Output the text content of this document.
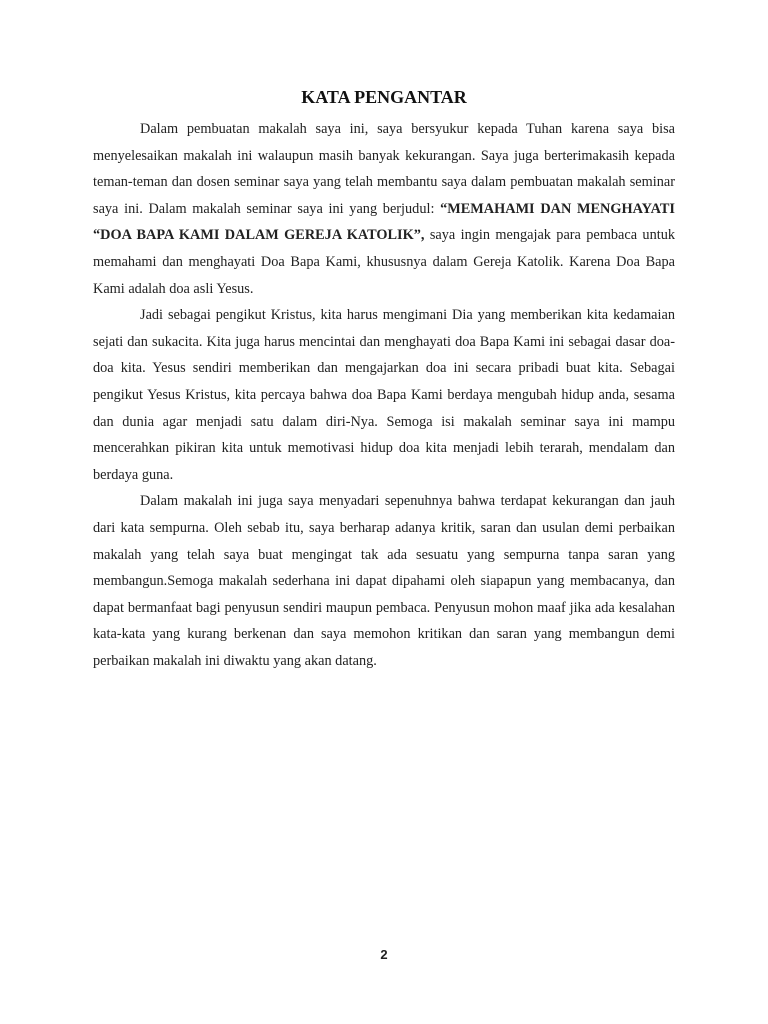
KATA PENGANTAR

Dalam pembuatan makalah saya ini, saya bersyukur kepada Tuhan karena saya bisa menyelesaikan makalah ini walaupun masih banyak kekurangan. Saya juga berterimakasih kepada teman-teman dan dosen seminar saya yang telah membantu saya dalam pembuatan makalah seminar saya ini. Dalam makalah seminar saya ini yang berjudul: “MEMAHAMI DAN MENGHAYATI “DOA BAPA KAMI DALAM GEREJA KATOLIK”, saya ingin mengajak para pembaca untuk memahami dan menghayati Doa Bapa Kami, khususnya dalam Gereja Katolik. Karena Doa Bapa Kami adalah doa asli Yesus.

Jadi sebagai pengikut Kristus, kita harus mengimani Dia yang memberikan kita kedamaian sejati dan sukacita. Kita juga harus mencintai dan menghayati doa Bapa Kami ini sebagai dasar doa-doa kita. Yesus sendiri memberikan dan mengajarkan doa ini secara pribadi buat kita. Sebagai pengikut Yesus Kristus, kita percaya bahwa doa Bapa Kami berdaya mengubah hidup anda, sesama dan dunia agar menjadi satu dalam diri-Nya. Semoga isi makalah seminar saya ini mampu mencerahkan pikiran kita untuk memotivasi hidup doa kita menjadi lebih terarah, mendalam dan berdaya guna.

Dalam makalah ini juga saya menyadari sepenuhnya bahwa terdapat kekurangan dan jauh dari kata sempurna. Oleh sebab itu, saya berharap adanya kritik, saran dan usulan demi perbaikan makalah yang telah saya buat mengingat tak ada sesuatu yang sempurna tanpa saran yang membangun.Semoga makalah sederhana ini dapat dipahami oleh siapapun yang membacanya, dan dapat bermanfaat bagi penyusun sendiri maupun pembaca. Penyusun mohon maaf jika ada kesalahan kata-kata yang kurang berkenan dan saya memohon kritikan dan saran yang membangun demi perbaikan makalah ini diwaktu yang akan datang.

2
